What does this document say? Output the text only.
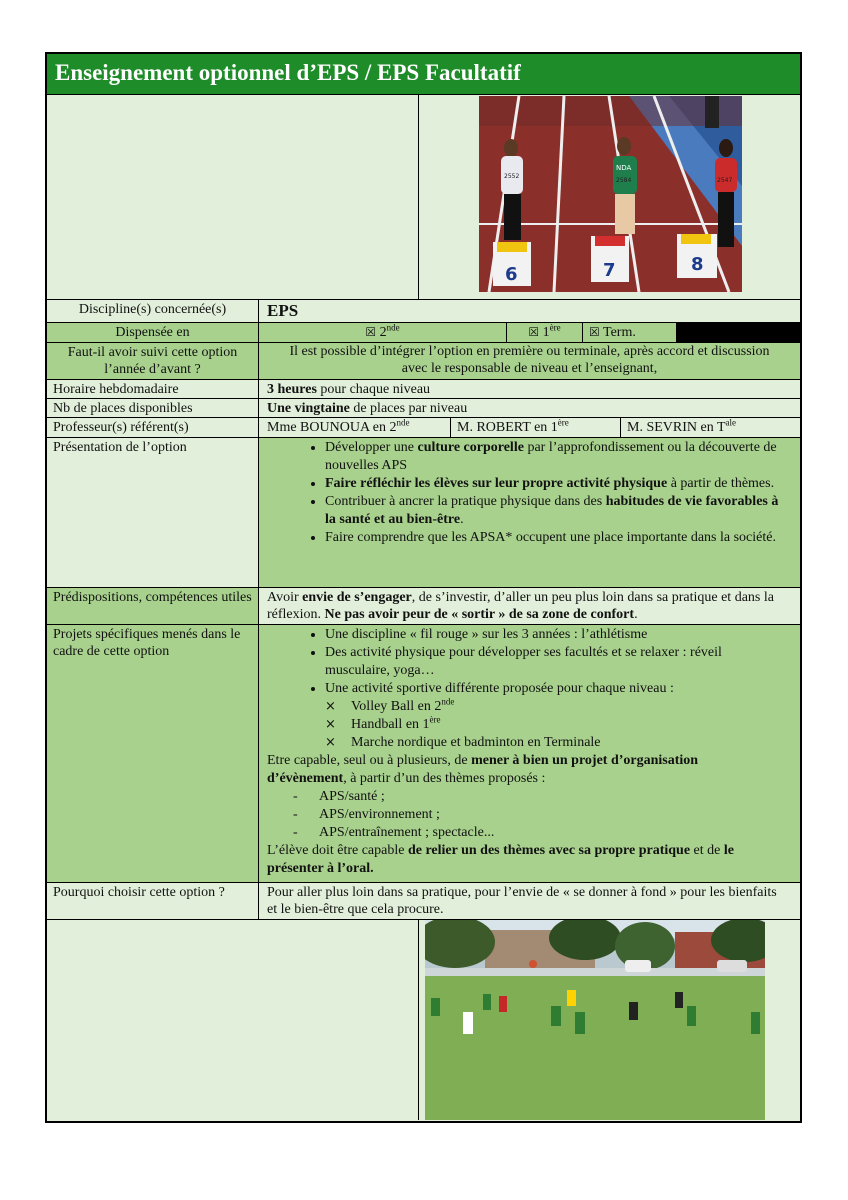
Enseignement optionnel d’EPS / EPS Facultatif
2552
NDA
2584	2547
6	7	8
Discipline(s) concernée(s)	EPS
Dispensée en	☒ 2nde	☒ 1ère	☒ Term.
Faut-il avoir suivi cette option
l’année d’avant ?
Il est possible d’intégrer l’option en première ou terminale, après accord et discussion avec le responsable de niveau et l’enseignant,
Horaire hebdomadaire	3 heures pour chaque niveau
Nb de places disponibles	Une vingtaine de places par niveau
Professeur(s) référent(s)	Mme BOUNOUA en 2nde	M. ROBERT en 1ère	M. SEVRIN en $T^{ale}$
Présentation de l’option
•	Développer une culture corporelle par l’approfondissement ou la découverte de nouvelles APS
• Faire réfléchir les élèves sur leur propre activité physique à partir de thèmes.
• Contribuer à ancrer la pratique physique dans des habitudes de vie favorables à la santé et au bien-être.
• Faire comprendre que les APSA* occupent une place importante dans la société.
Prédispositions, compétences utiles	Avoir envie de s’engager, de s’investir, d’aller un peu plus loin dans sa pratique et dans la réflexion. Ne pas avoir peur de « sortir » de sa zone de confort.
Projets spécifiques menés dans le cadre de cette option
• Une discipline « fil rouge » sur les 3 années : l’athlétisme
• Des activité physique pour développer ses facultés et se relaxer : réveil musculaire, yoga…
• Une activité sportive différente proposée pour chaque niveau :
× Volley Ball en 2nde
× Handball en 1ère
× Marche nordique et badminton en Terminale
Etre capable, seul ou à plusieurs, de mener à bien un projet d’organisation d’évènement, à partir d’un des thèmes proposés :
- APS/santé ;
- APS/environnement ;
- APS/entraînement ; spectacle...
L’élève doit être capable de relier un des thèmes avec sa propre pratique et de le présenter à l’oral.
Pourquoi choisir cette option ?	Pour aller plus loin dans sa pratique, pour l’envie de « se donner à fond » pour les bienfaits et le bien-être que cela procure.
